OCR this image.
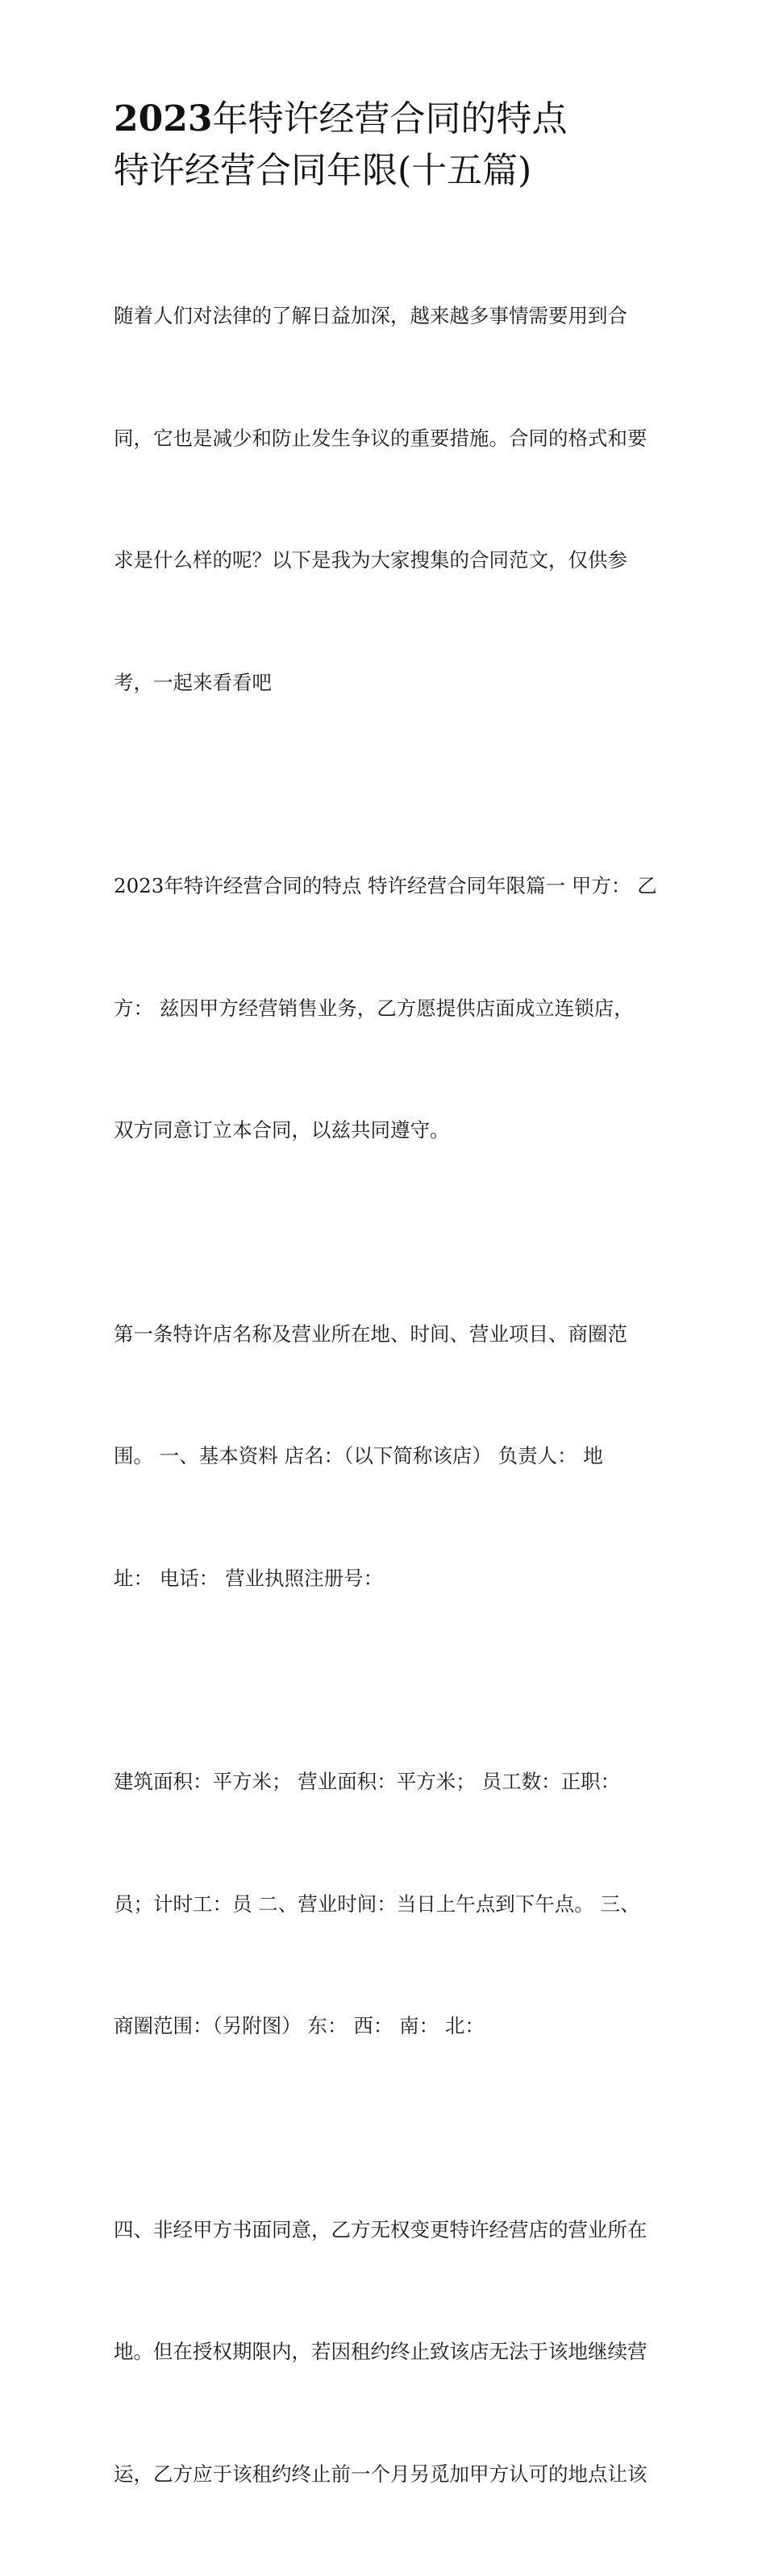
2023年特许经营合同的特点
特许经营合同年限(十五篇)

随着人们对法律的了解日益加深，越来越多事情需要用到合

同，它也是减少和防止发生争议的重要措施。合同的格式和要

求是什么样的呢？以下是我为大家搜集的合同范文，仅供参

考，一起来看看吧

2023年特许经营合同的特点 特许经营合同年限篇一 甲方： 乙

方： 兹因甲方经营销售业务，乙方愿提供店面成立连锁店，

双方同意订立本合同，以兹共同遵守。

第一条特许店名称及营业所在地、时间、营业项目、商圈范

围。 一、基本资料 店名：（以下简称该店） 负责人： 地

址： 电话： 营业执照注册号：

建筑面积：平方米； 营业面积：平方米； 员工数：正职：

员；计时工：员 二、营业时间：当日上午点到下午点。 三、

商圈范围：（另附图） 东： 西： 南： 北：

四、非经甲方书面同意，乙方无权变更特许经营店的营业所在

地。但在授权期限内，若因租约终止致该店无法于该地继续营

运，乙方应于该租约终止前一个月另觅加甲方认可的地点让该
